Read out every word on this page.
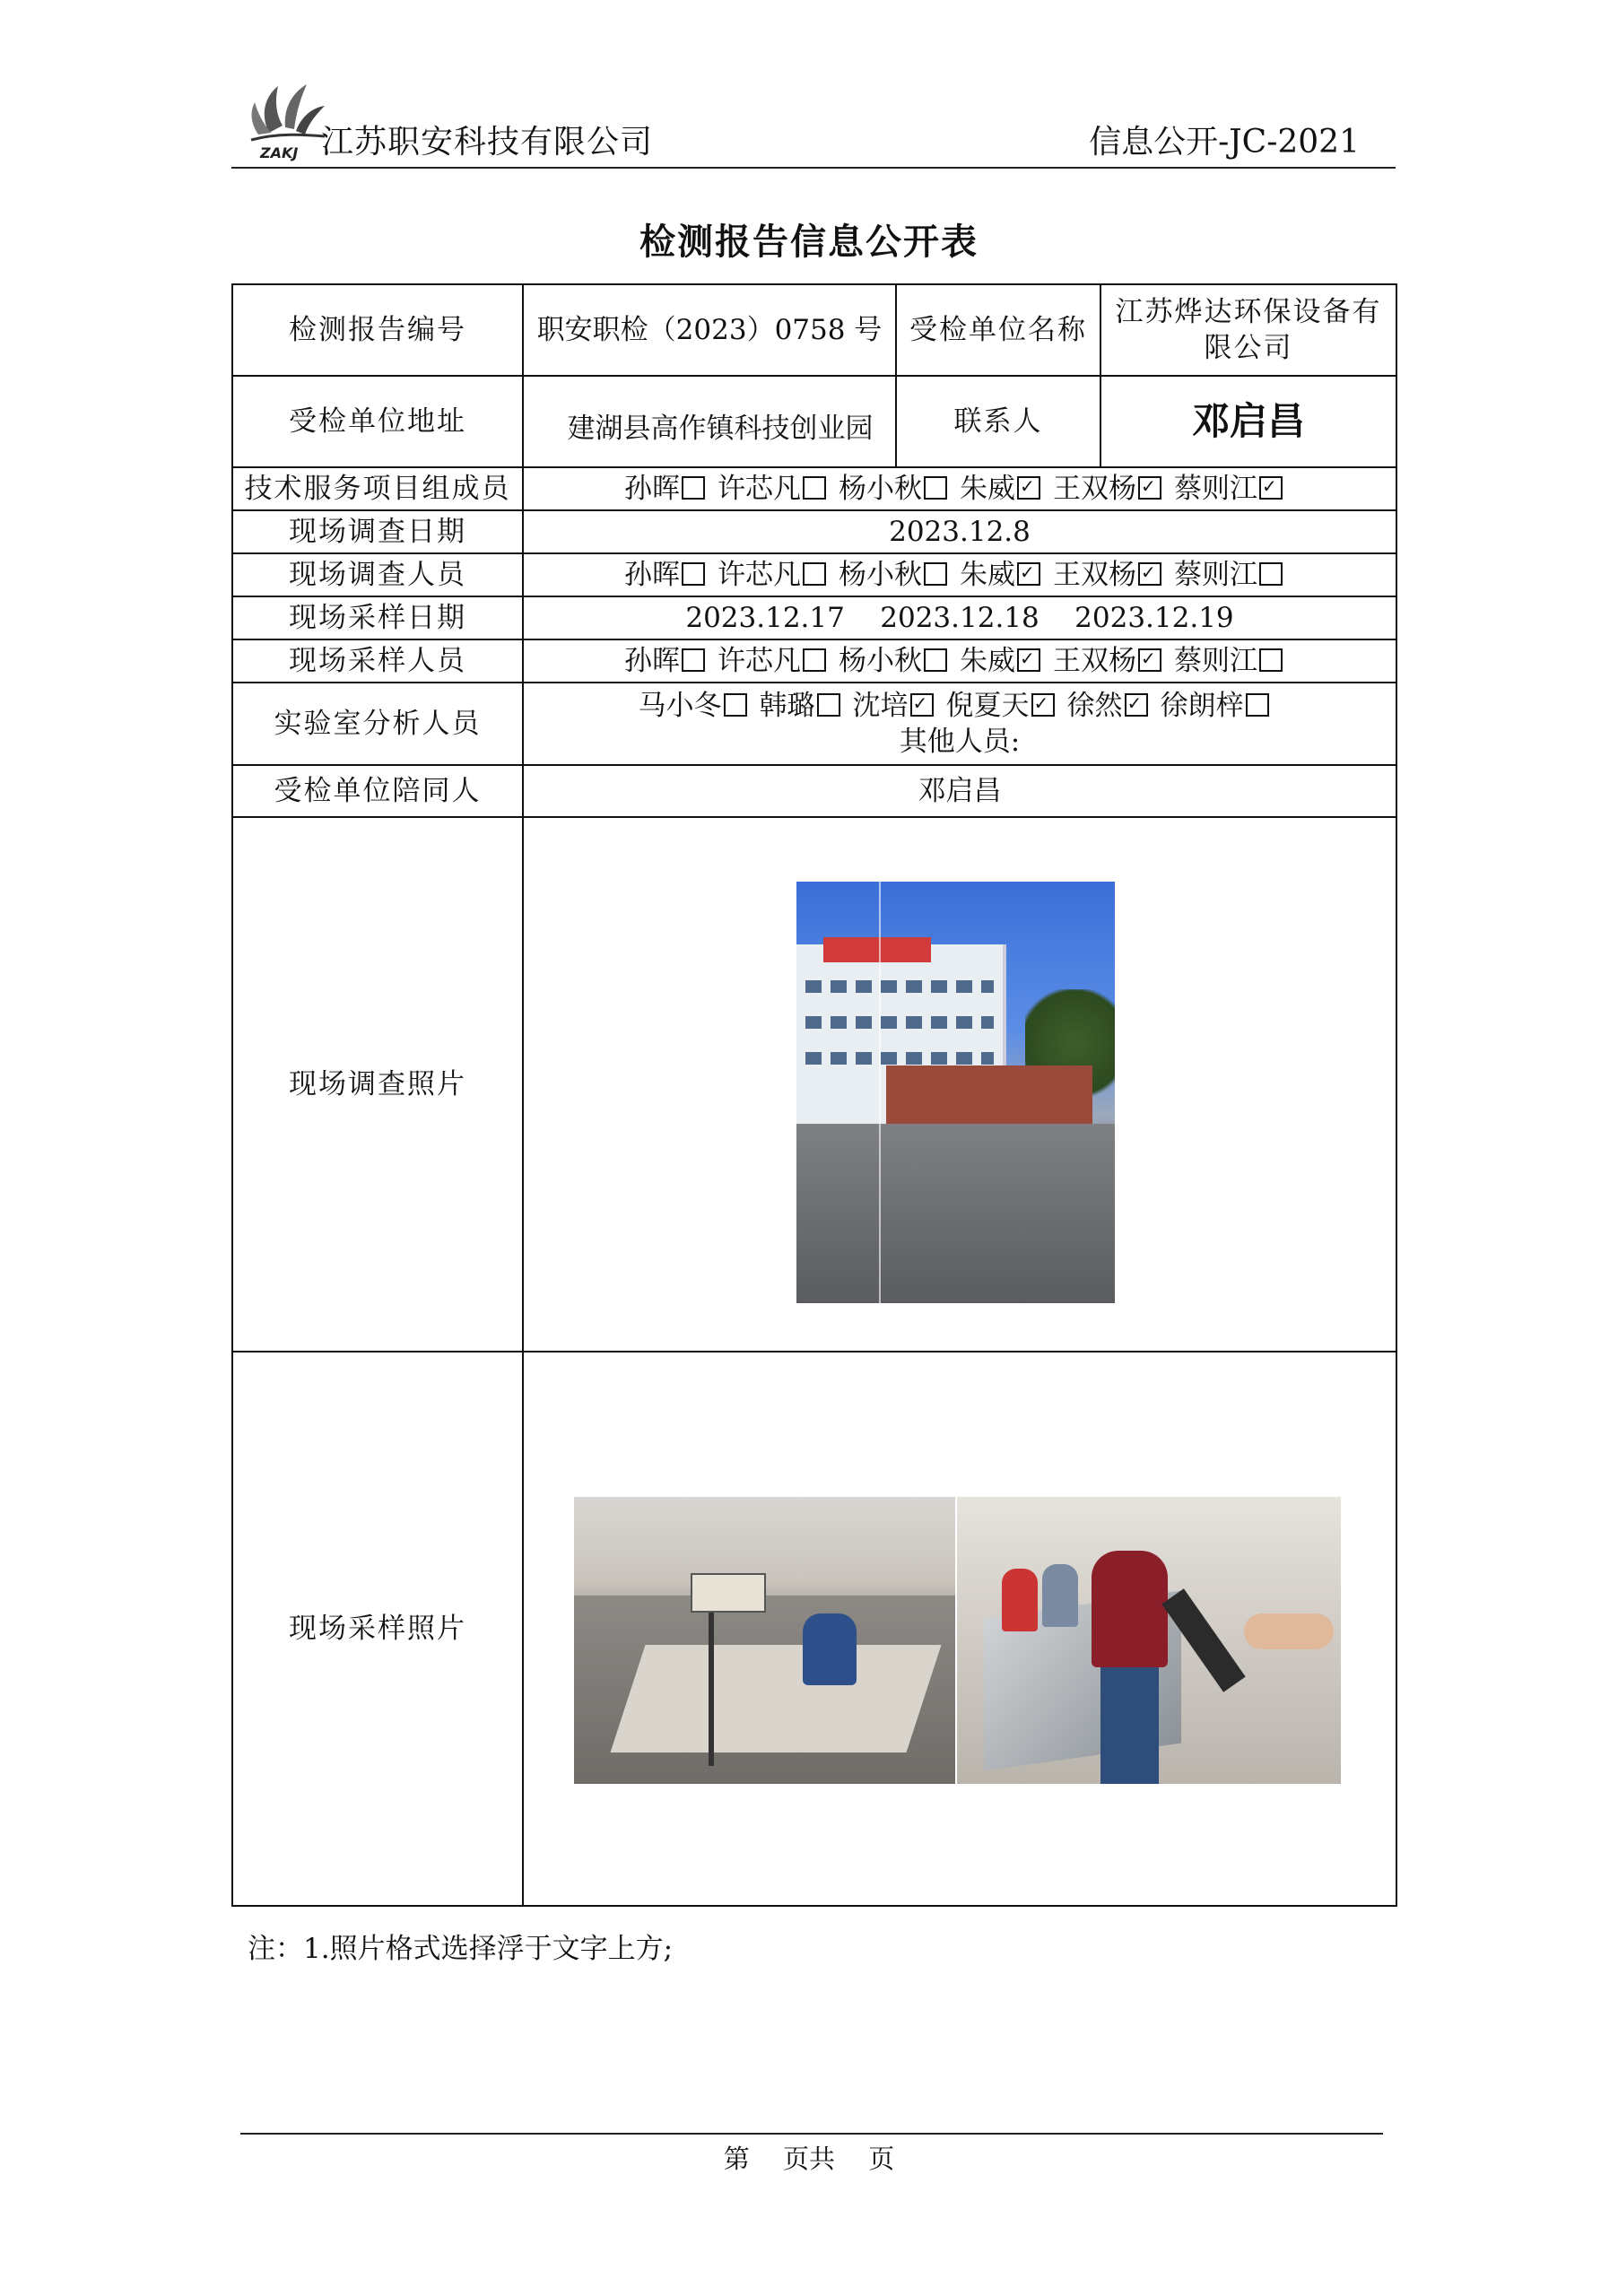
ZAKJ 江苏职安科技有限公司	信息公开-JC-2021
检测报告信息公开表
检测报告编号	职安职检（2023）0758 号	受检单位名称	江苏烨达环保设备有限公司
受检单位地址	建湖县高作镇科技创业园	联系人	邓启昌
技术服务项目组成员	孙晖 许芯凡 杨小秋 朱威 ✓ 王双杨 ✓ 蔡则江✓
现场调查日期	2023.12.8		
现场调查人员	孙晖 许芯凡 杨小秋 朱威 ✓ 王双杨 ✓ 蔡则江
现场采样日期	2023.12.17    2023.12.18    2023.12.19		
现场采样人员	孙晖 许芯凡 杨小秋 朱威 ✓ 王双杨 ✓ 蔡则江
实验室分析人员	马小冬 韩璐 沈培 ✓ 倪夏天 ✓ 徐然 ✓ 徐朗梓
其他人员:

受检单位陪同人	邓启昌		
现场调查照片			
现场采样照片			
注：1.照片格式选择浮于文字上方;
第 页共 页
